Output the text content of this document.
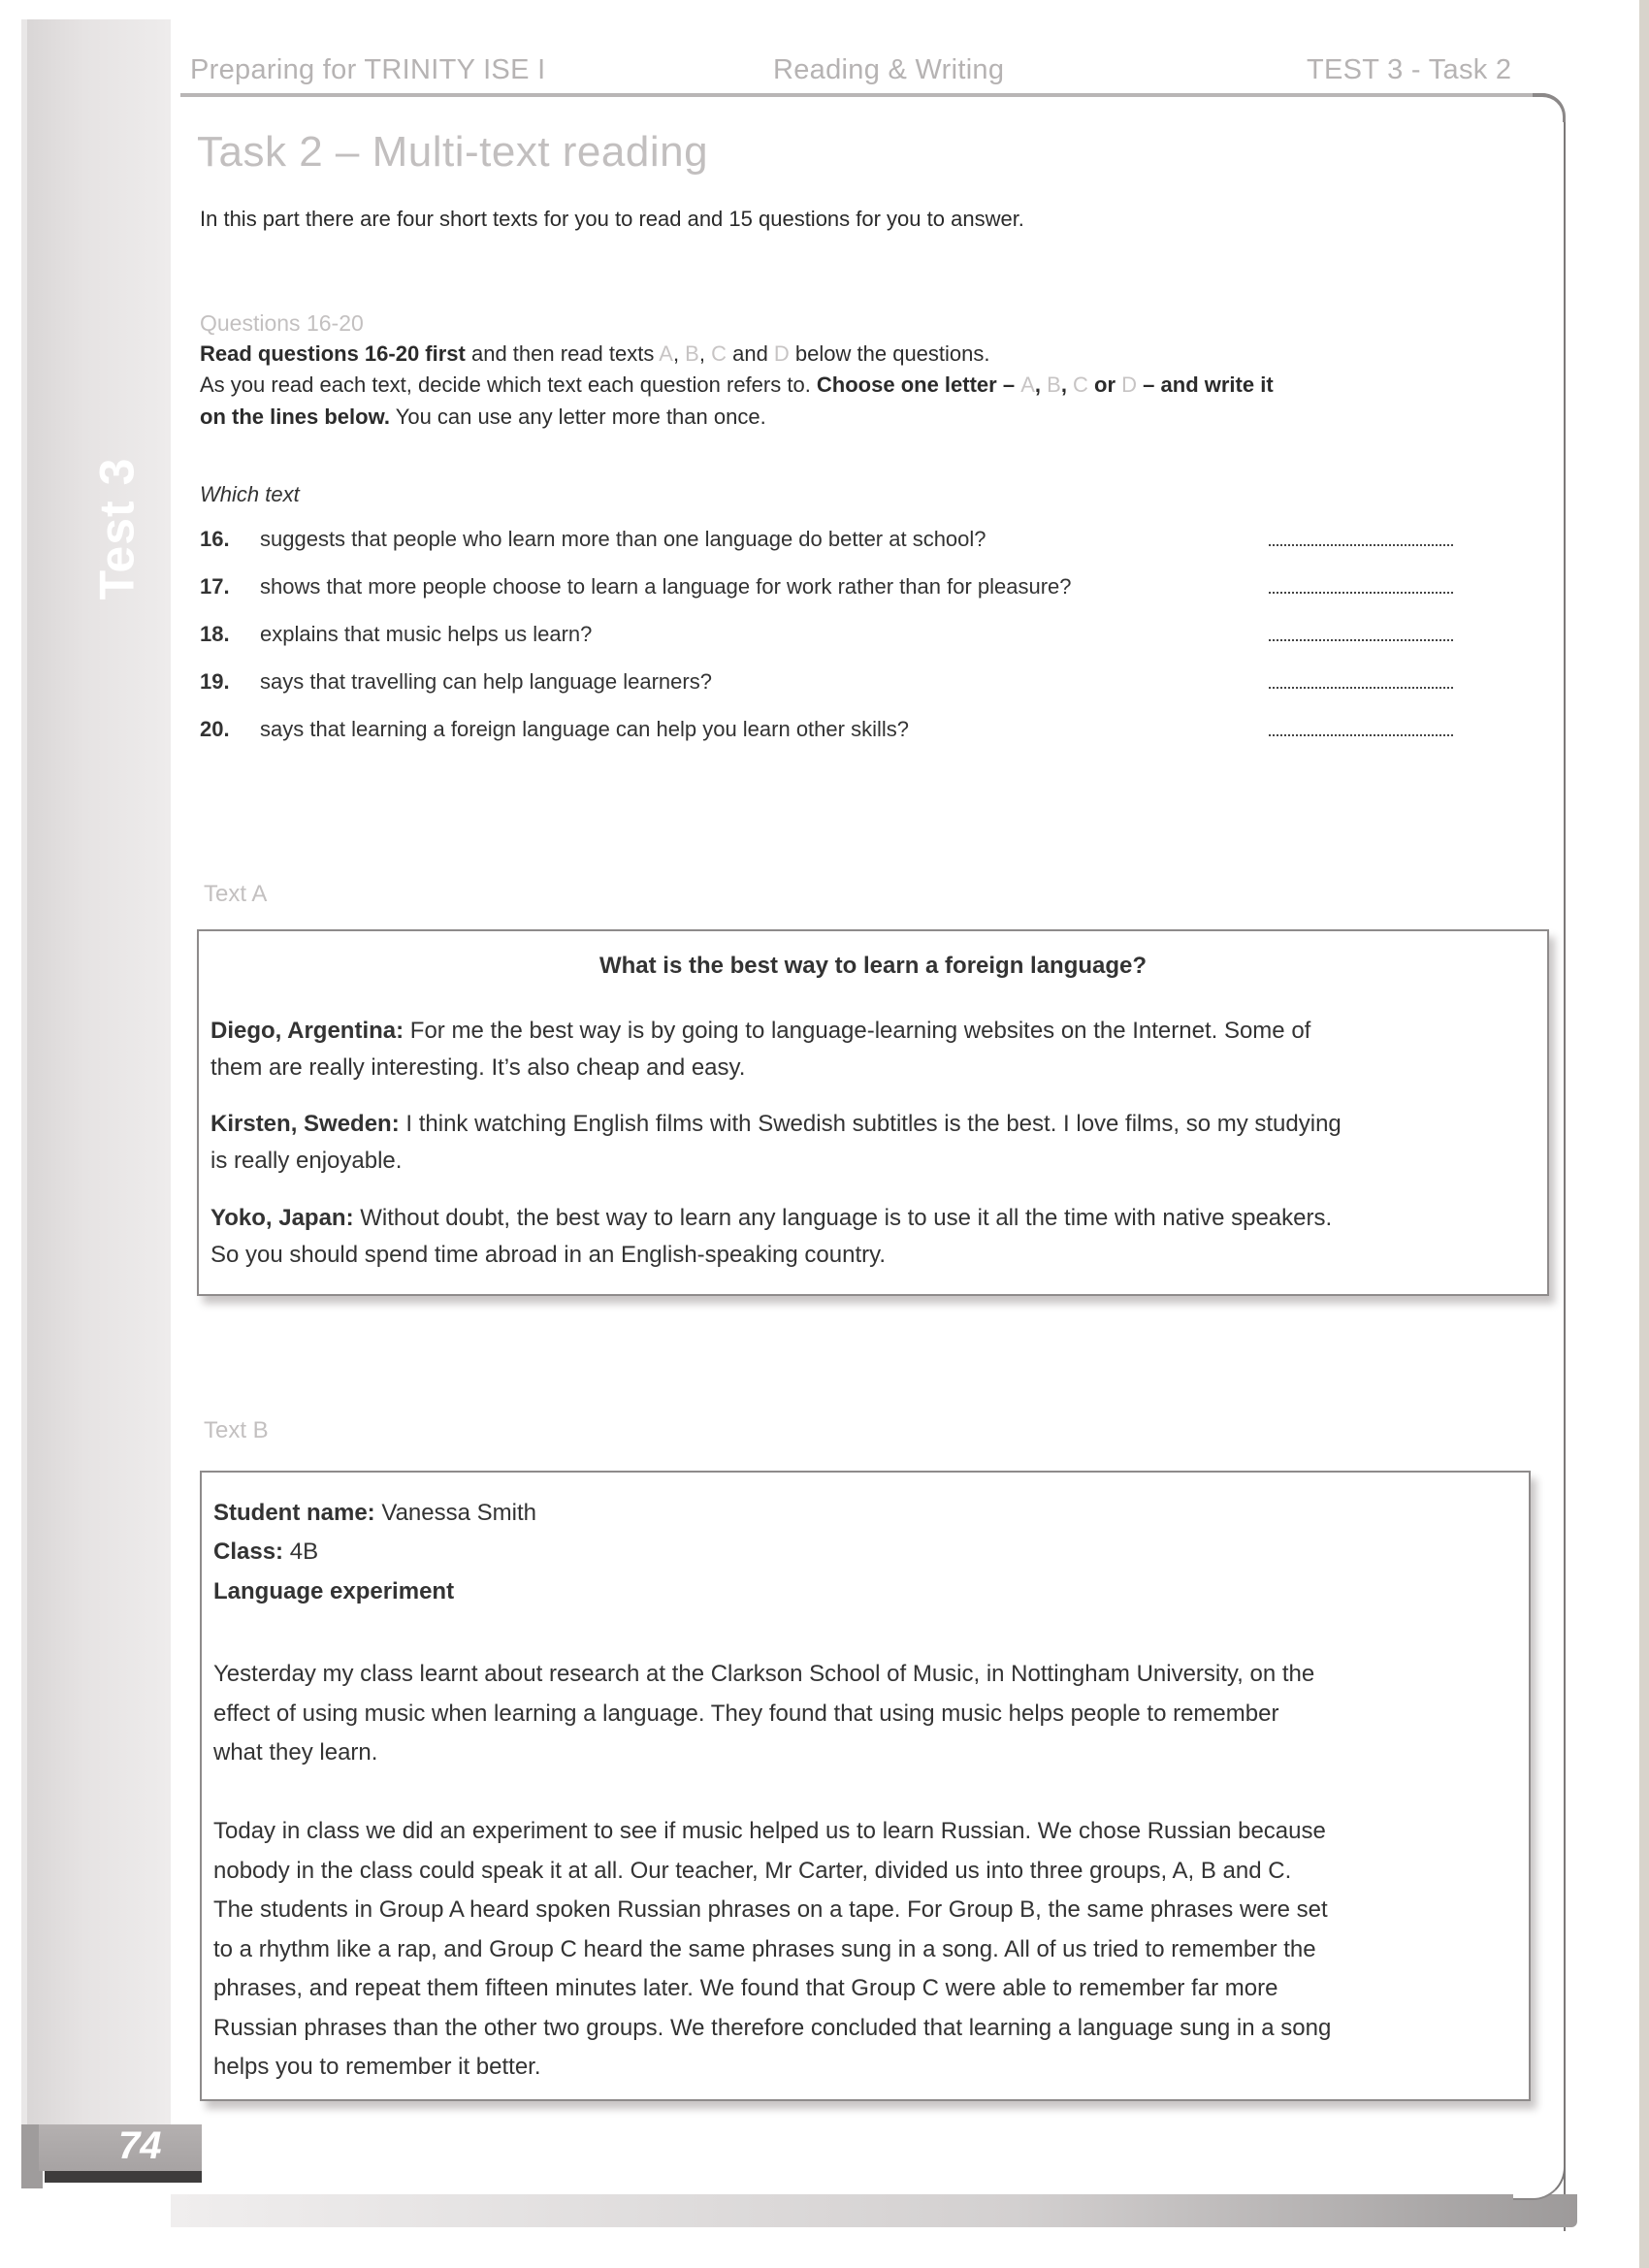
Test 3
Preparing for TRINITY ISE I	Reading & Writing	TEST 3 - Task 2
Task 2 – Multi-text reading
In this part there are four short texts for you to read and 15 questions for you to answer.
Questions 16-20
Read questions 16-20 first and then read texts A, B, C and D below the questions.
As you read each text, decide which text each question refers to. Choose one letter – A, B, C or D – and write it
on the lines below. You can use any letter more than once.
Which text
16. suggests that people who learn more than one language do better at school?
17. shows that more people choose to learn a language for work rather than for pleasure?
18. explains that music helps us learn?
19. says that travelling can help language learners?
20. says that learning a foreign language can help you learn other skills?
Text A
What is the best way to learn a foreign language?
Diego, Argentina: For me the best way is by going to language-learning websites on the Internet. Some of
them are really interesting. It’s also cheap and easy.
Kirsten, Sweden: I think watching English films with Swedish subtitles is the best. I love films, so my studying
is really enjoyable.
Yoko, Japan: Without doubt, the best way to learn any language is to use it all the time with native speakers.
So you should spend time abroad in an English-speaking country.
Text B
Student name: Vanessa Smith
Class: 4B
Language experiment
Yesterday my class learnt about research at the Clarkson School of Music, in Nottingham University, on the
effect of using music when learning a language. They found that using music helps people to remember
what they learn.
Today in class we did an experiment to see if music helped us to learn Russian. We chose Russian because
nobody in the class could speak it at all. Our teacher, Mr Carter, divided us into three groups, A, B and C.
The students in Group A heard spoken Russian phrases on a tape. For Group B, the same phrases were set
to a rhythm like a rap, and Group C heard the same phrases sung in a song. All of us tried to remember the
phrases, and repeat them fifteen minutes later. We found that Group C were able to remember far more
Russian phrases than the other two groups. We therefore concluded that learning a language sung in a song
helps you to remember it better.
74
